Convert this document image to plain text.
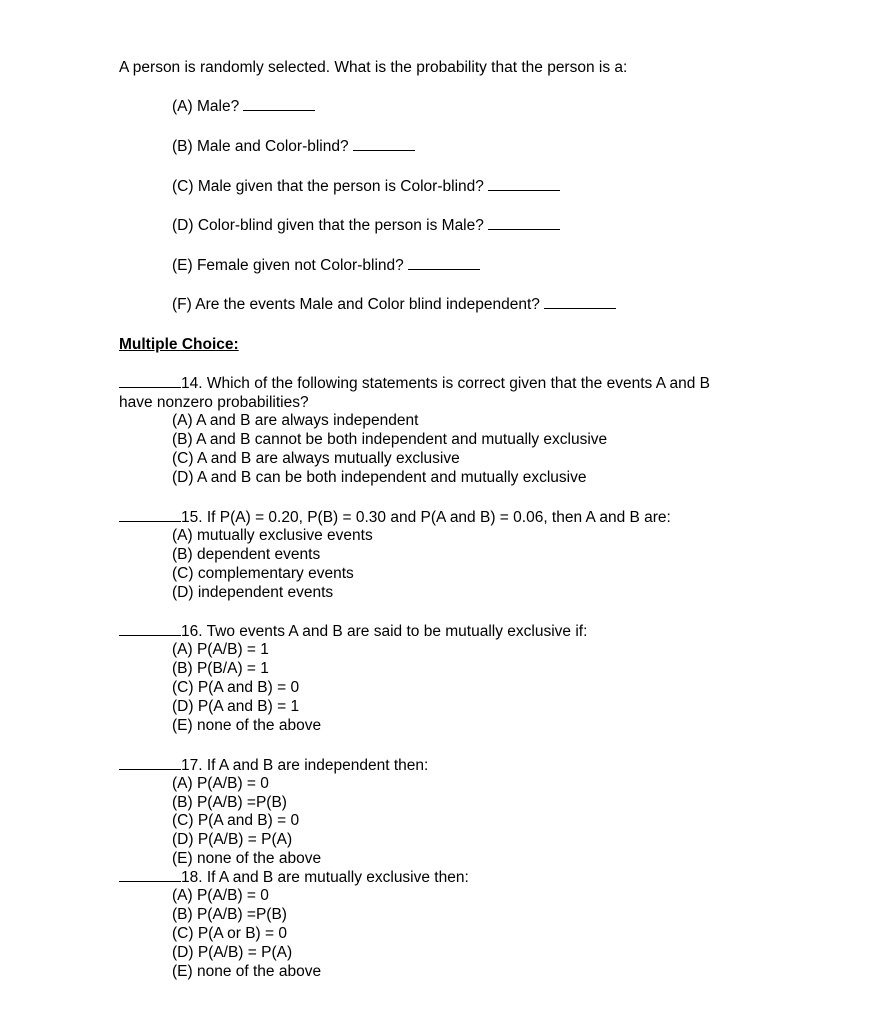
A person is randomly selected. What is the probability that the person is a:
(A) Male?
(B) Male and Color-blind?
(C) Male given that the person is Color-blind?
(D) Color-blind given that the person is Male?
(E) Female given not Color-blind?
(F) Are the events Male and Color blind independent?
Multiple Choice:
14. Which of the following statements is correct given that the events A and B
have nonzero probabilities?
(A) A and B are always independent
(B) A and B cannot be both independent and mutually exclusive
(C) A and B are always mutually exclusive
(D) A and B can be both independent and mutually exclusive
15. If P(A) = 0.20, P(B) = 0.30 and P(A and B) = 0.06, then A and B are:
(A) mutually exclusive events
(B) dependent events
(C) complementary events
(D) independent events
16. Two events A and B are said to be mutually exclusive if:
(A) P(A/B) = 1
(B) P(B/A) = 1
(C) P(A and B) = 0
(D) P(A and B) = 1
(E) none of the above
17. If A and B are independent then:
(A) P(A/B) = 0
(B) P(A/B) =P(B)
(C) P(A and B) = 0
(D) P(A/B) = P(A)
(E) none of the above
18. If A and B are mutually exclusive then:
(A) P(A/B) = 0
(B) P(A/B) =P(B)
(C) P(A or B) = 0
(D) P(A/B) = P(A)
(E) none of the above
